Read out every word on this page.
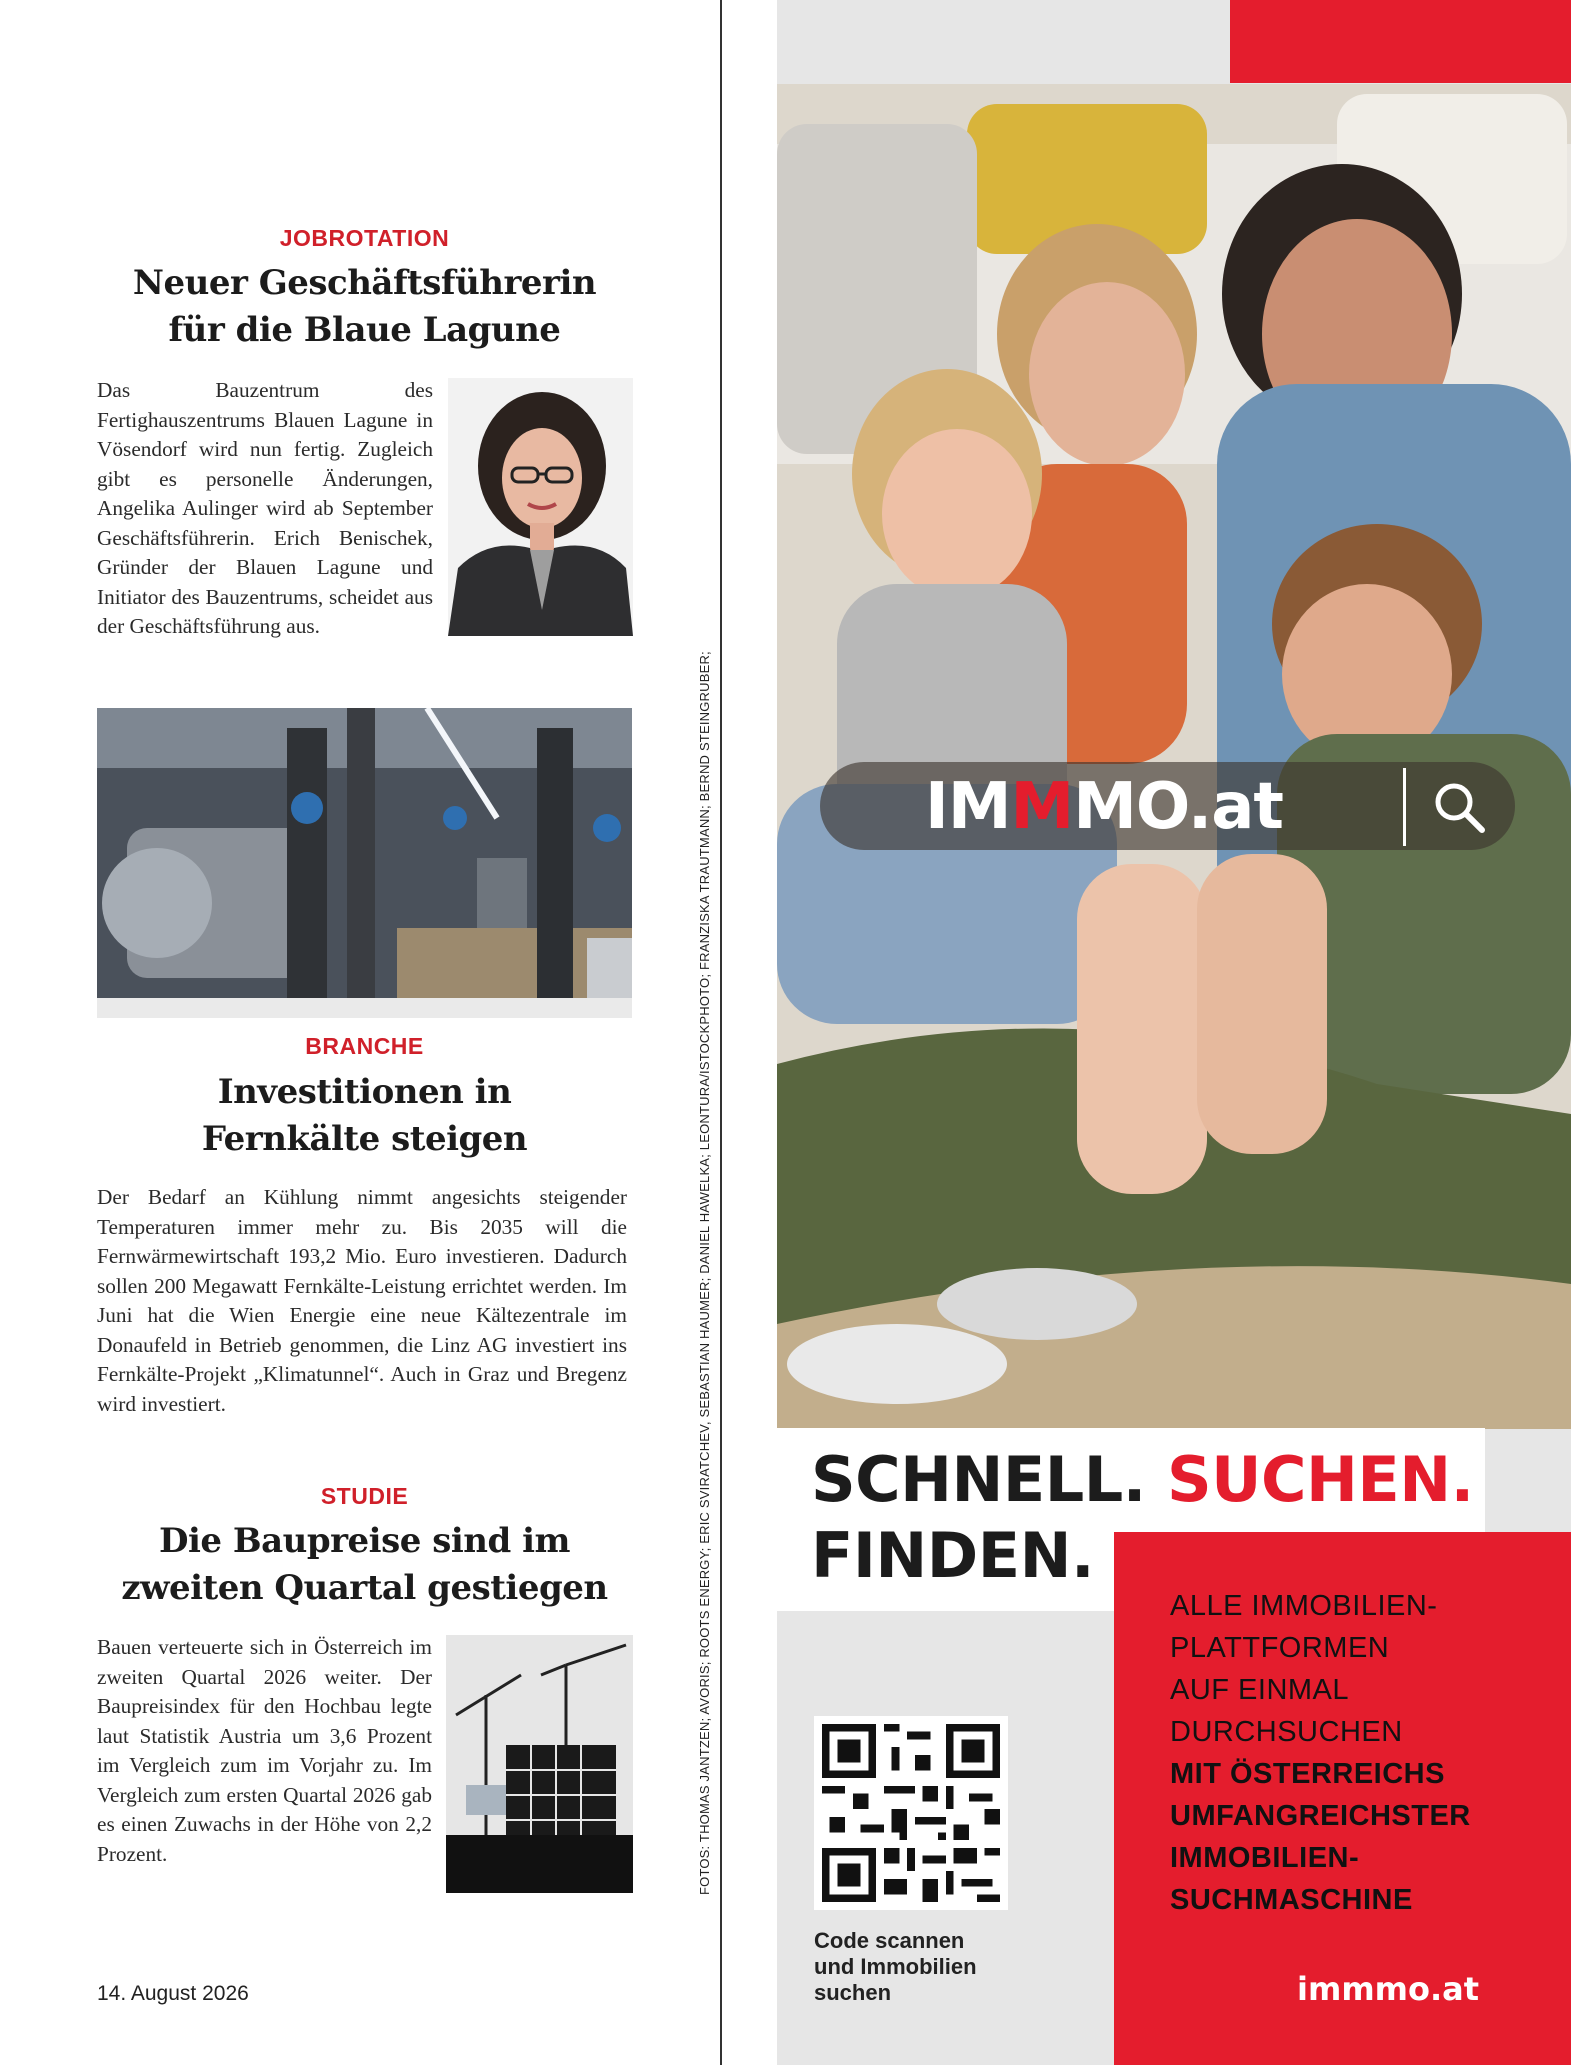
JOBROTATION
Neuer Geschäftsführerin
für die Blaue Lagune
Das Bauzentrum des Fertighauszentrums Blauen Lagune in Vösendorf wird nun fertig. Zugleich gibt es personelle Änderungen, Angelika Aulinger wird ab September Geschäftsführerin. Erich Benischek, Gründer der Blauen Lagune und Initiator des Bauzentrums, scheidet aus der Geschäftsführung aus.
BRANCHE
Investitionen in
Fernkälte steigen
Der Bedarf an Kühlung nimmt angesichts steigender Temperaturen immer mehr zu. Bis 2035 will die Fernwärmewirtschaft 193,2 Mio. Euro investieren. Dadurch sollen 200 Megawatt Fernkälte-Leistung errichtet werden. Im Juni hat die Wien Energie eine neue Kältezentrale im Donaufeld in Betrieb genommen, die Linz AG investiert ins Fernkälte-Projekt „Klimatunnel“. Auch in Graz und Bregenz wird investiert.
STUDIE
Die Baupreise sind im
zweiten Quartal gestiegen
Bauen verteuerte sich in Österreich im zweiten Quartal 2026 weiter. Der Baupreisindex für den Hochbau legte laut Statistik Austria um 3,6 Prozent im Vergleich zum im Vorjahr zu. Im Vergleich zum ersten Quartal 2026 gab es einen Zuwachs in der Höhe von 2,2 Prozent.	FOTOS: THOMAS JANTZEN; AVORIS; ROOTS ENERGY; ERIC SVIRATCHEV, SEBASTIAN HAUMER; DANIEL HAWELKA; LEONTURA/ISTOCKPHOTO; FRANZISKA TRAUTMANN; BERND STEINGRUBER;
14. August 2026
IMMMO.at
SCHNELL. SUCHEN.
FINDEN.
ALLE IMMOBILIEN-
PLATTFORMEN
AUF EINMAL
DURCHSUCHEN
MIT ÖSTERREICHS
UMFANGREICHSTER
IMMOBILIEN-
SUCHMASCHINE
immmo.at
Code scannen
und Immobilien
suchen
